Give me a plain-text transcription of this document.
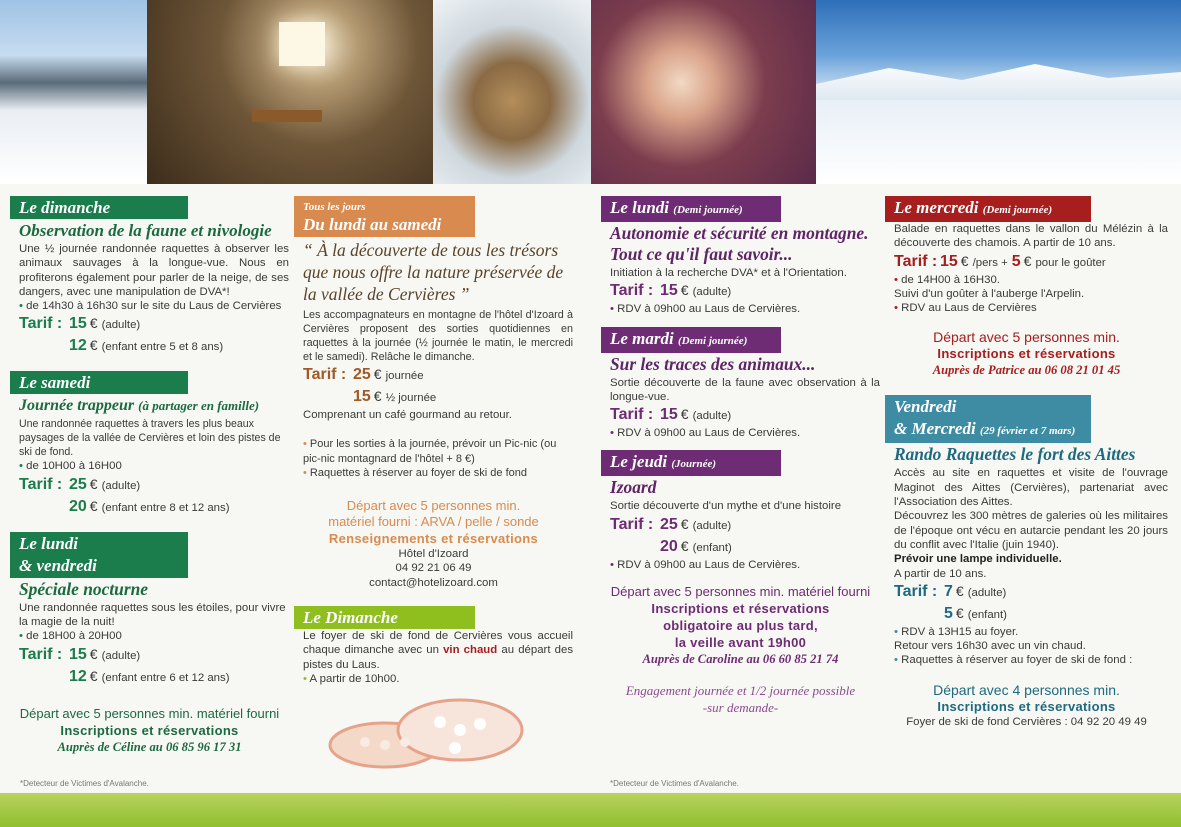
Le dimanche
Observation de la faune et nivologie
Une ½ journée randonnée raquettes à observer les animaux sauvages à la longue-vue. Nous en profiterons également pour parler de la neige, de ses dangers, avec une manipulation de DVA*!
• de 14h30 à 16h30 sur le site du Laus de Cervières
Tarif : 15 € (adulte)
12 € (enfant entre 5 et 8 ans)
Le samedi
Journée trappeur (à partager en famille)
Une randonnée raquettes à travers les plus beaux paysages de la vallée de Cervières et loin des pistes de ski de fond.
• de 10H00 à 16H00
Tarif : 25 € (adulte)
20 € (enfant entre 8 et 12 ans)
Le lundi
& vendredi
Spéciale nocturne
Une randonnée raquettes sous les étoiles, pour vivre la magie de la nuit!
• de 18H00 à 20H00
Tarif : 15 € (adulte)
12 € (enfant entre 6 et 12 ans)
Départ avec 5 personnes min. matériel fourni
Inscriptions et réservations
Auprès de Céline au 06 85 96 17 31
*Detecteur de Victimes d'Avalanche.
Tous les jours
Du lundi au samedi
“ À la découverte de tous les trésors que nous offre la nature préservée de la vallée de Cervières ”
Les accompagnateurs en montagne de l'hôtel d'Izoard à Cervières proposent des sorties quotidiennes en raquettes à la journée (½ journée le matin, le mercredi et le samedi). Relâche le dimanche.
Tarif : 25 € journée
15 € ½ journée
Comprenant un café gourmand au retour.
• Pour les sorties à la journée, prévoir un Pic-nic (ou pic-nic montagnard de l'hôtel + 8 €)
• Raquettes à réserver au foyer de ski de fond
Départ avec 5 personnes min.
matériel fourni : ARVA / pelle / sonde
Renseignements et réservations
Hôtel d'Izoard
04 92 21 06 49
contact@hotelizoard.com
Le Dimanche
Le foyer de ski de fond de Cervières vous accueil chaque dimanche avec un vin chaud au départ des pistes du Laus.
• A partir de 10h00.
Le lundi (Demi journée)
Autonomie et sécurité en montagne. Tout ce qu'il faut savoir...
Initiation à la recherche DVA* et à l'Orientation.
Tarif : 15 € (adulte)
• RDV à 09h00 au Laus de Cervières.
Le mardi (Demi journée)
Sur les traces des animaux...
Sortie découverte de la faune avec observation à la longue-vue.
Tarif : 15 € (adulte)
• RDV à 09h00 au Laus de Cervières.
Le jeudi (Journée)
Izoard
Sortie découverte d'un mythe et d'une histoire
Tarif : 25 € (adulte)
20 € (enfant)
• RDV à 09h00 au Laus de Cervières.
Départ avec 5 personnes min. matériel fourni
Inscriptions et réservations
obligatoire au plus tard,
la veille avant 19h00
Auprès de Caroline au 06 60 85 21 74
Engagement journée et 1/2 journée possible
-sur demande-
*Detecteur de Victimes d'Avalanche.
Le mercredi (Demi journée)
Balade en raquettes dans le vallon du Mélézin à la découverte des chamois. A partir de 10 ans.
Tarif : 15 € /pers + 5 € pour le goûter
• de 14H00 à 16H30.
Suivi d'un goûter à l'auberge l'Arpelin.
• RDV au Laus de Cervières
Départ avec 5 personnes min.
Inscriptions et réservations
Auprès de Patrice au 06 08 21 01 45
Vendredi
& Mercredi (29 février et 7 mars)
Rando Raquettes le fort des Aittes
Accès au site en raquettes et visite de l'ouvrage Maginot des Aittes (Cervières), partenariat avec l'Association des Aittes.
Découvrez les 300 mètres de galeries où les militaires de l'époque ont vécu en autarcie pendant les 20 jours du conflit avec l'Italie (juin 1940).
Prévoir une lampe individuelle.
A partir de 10 ans.
Tarif : 7 € (adulte)
5 € (enfant)
• RDV à 13H15 au foyer.
Retour vers 16h30 avec un vin chaud.
• Raquettes à réserver au foyer de ski de fond :
Départ avec 4 personnes min.
Inscriptions et réservations
Foyer de ski de fond Cervières : 04 92 20 49 49
